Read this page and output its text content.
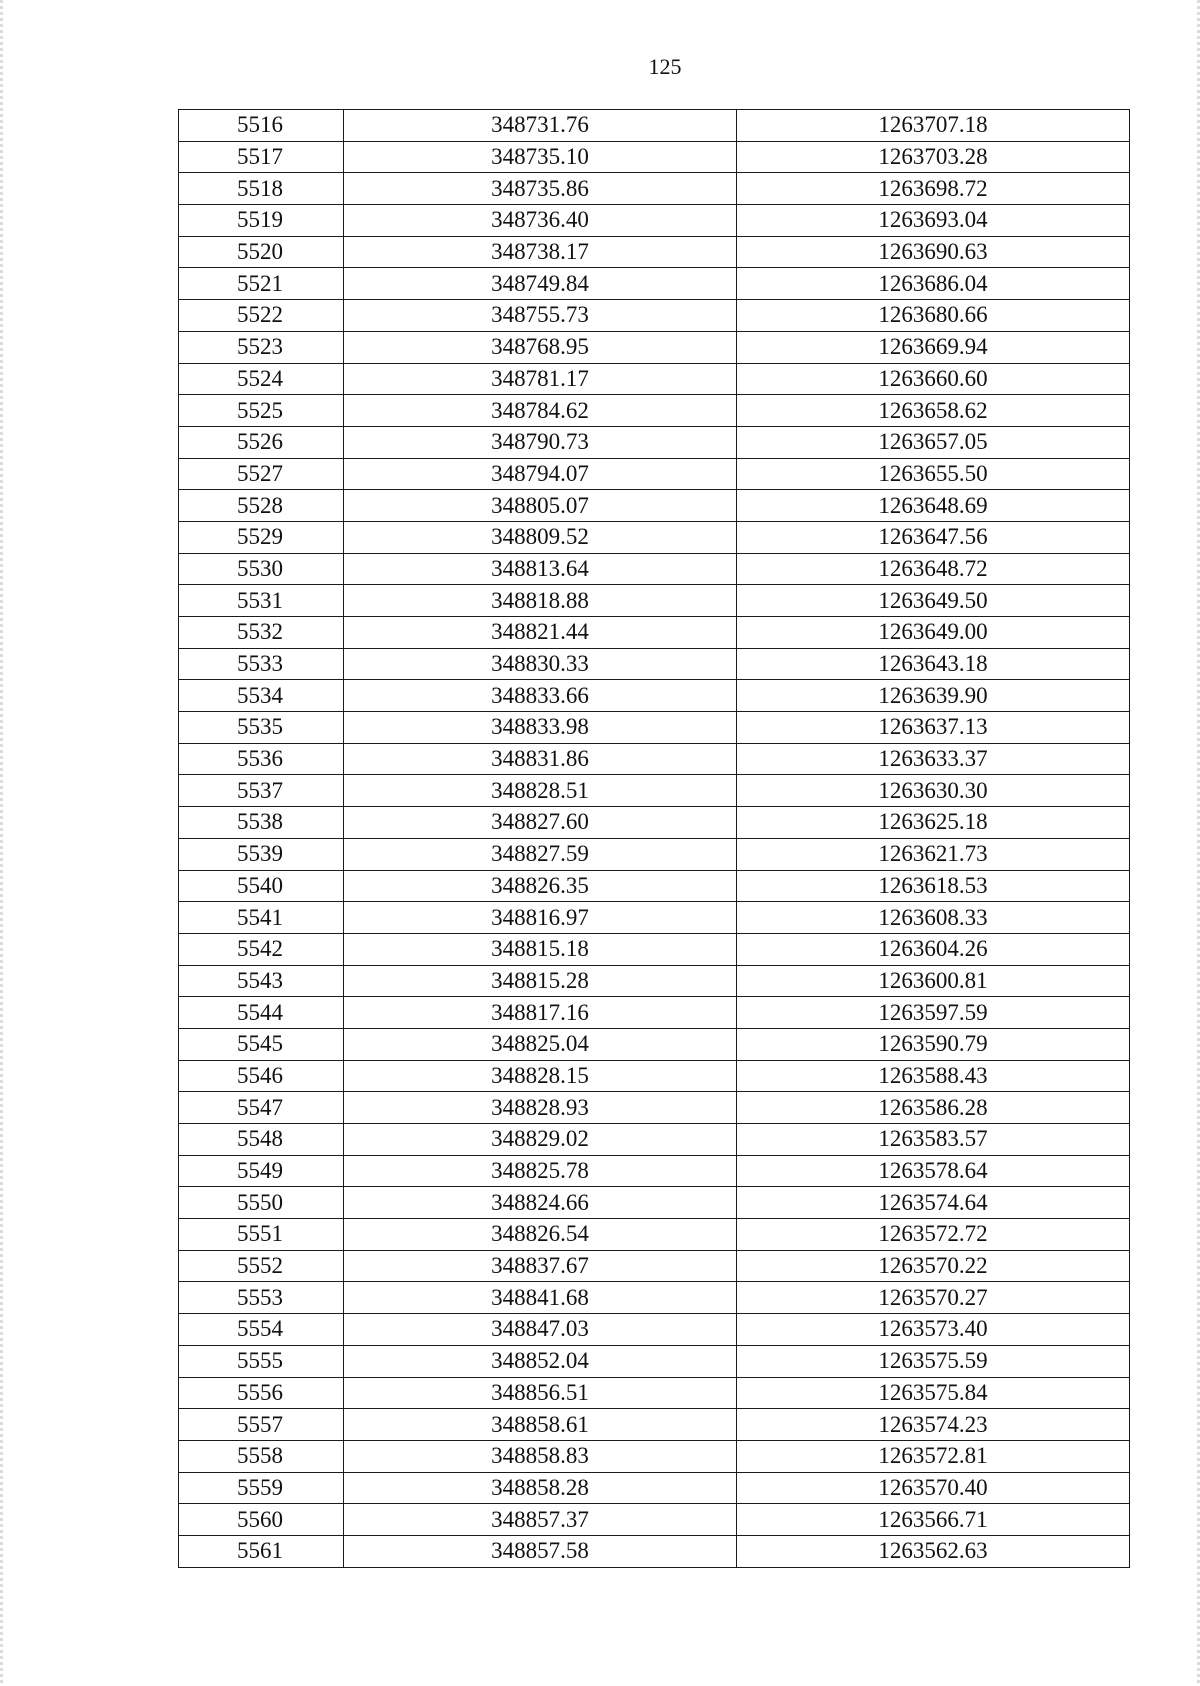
125
5516	348731.76	1263707.18
5517	348735.10	1263703.28
5518	348735.86	1263698.72
5519	348736.40	1263693.04
5520	348738.17	1263690.63
5521	348749.84	1263686.04
5522	348755.73	1263680.66
5523	348768.95	1263669.94
5524	348781.17	1263660.60
5525	348784.62	1263658.62
5526	348790.73	1263657.05
5527	348794.07	1263655.50
5528	348805.07	1263648.69
5529	348809.52	1263647.56
5530	348813.64	1263648.72
5531	348818.88	1263649.50
5532	348821.44	1263649.00
5533	348830.33	1263643.18
5534	348833.66	1263639.90
5535	348833.98	1263637.13
5536	348831.86	1263633.37
5537	348828.51	1263630.30
5538	348827.60	1263625.18
5539	348827.59	1263621.73
5540	348826.35	1263618.53
5541	348816.97	1263608.33
5542	348815.18	1263604.26
5543	348815.28	1263600.81
5544	348817.16	1263597.59
5545	348825.04	1263590.79
5546	348828.15	1263588.43
5547	348828.93	1263586.28
5548	348829.02	1263583.57
5549	348825.78	1263578.64
5550	348824.66	1263574.64
5551	348826.54	1263572.72
5552	348837.67	1263570.22
5553	348841.68	1263570.27
5554	348847.03	1263573.40
5555	348852.04	1263575.59
5556	348856.51	1263575.84
5557	348858.61	1263574.23
5558	348858.83	1263572.81
5559	348858.28	1263570.40
5560	348857.37	1263566.71
5561	348857.58	1263562.63
